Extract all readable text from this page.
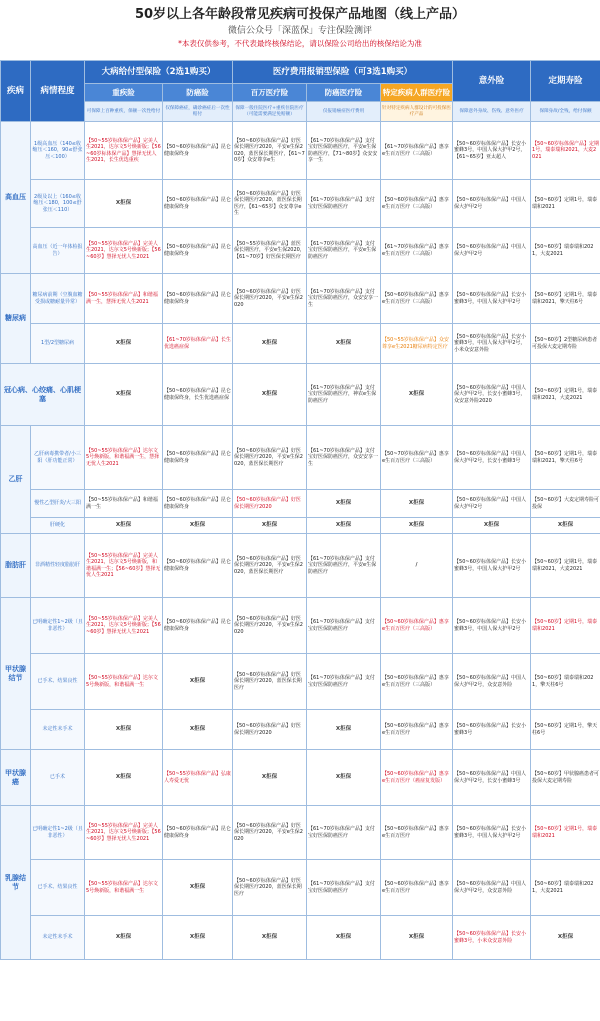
50岁以上各年龄段常见疾病可投保产品地图（线上产品）
微信公众号「深蓝保」专注保险测评
*本表仅供参考，不代表最终核保结论，请以保险公司给出的核保结论为准
疾病	病情程度	大病给付型保险（2选1购买）		医疗费用报销型保险（可3选1购买）			意外险	定期寿险
		重疾险	防癌险	百万医疗险	防癌医疗险	特定疾病人群医疗险		
		可保障上百种重疾，保额一次性给付	仅保障癌症，确诊癌症后一次性赔付	保障一般住院医疗+重疾住院医疗（可能需要满足免赔额）	仅报销癌症医疗费用	针对特定疾病人群设计的可投保医疗产品	保障意外身故、伤残、意外医疗	保障身故/全残，给付保额
高血压	1级高血压（140≤收缩压＜160，90≤舒张压＜100）	【50~55岁标体保产品】完美人生2021，达尔文5号焕新版；【56~60岁标体保产品】慧择无忧人生2021，长生优选重疾	【50~60岁标体保产品】昆仑健康保终身	【50~60岁标体保产品】好医保长期医疗2020，平安e生保2020，蓝医保长期医疗，【61~70岁】众安尊享e生	【61~70岁标体保产品】支付宝好医保防癌医疗，平安e生保防癌医疗，【71~80岁】众安安享一生	【61~70岁标体保产品】惠享e生百万医疗（三高版）	【50~60岁标体保产品】长安小蜜蜂3号，中国人保大护甲2号，【61~65岁】亚太超人	【50~60岁标体保产品】定期1号，瑞泰瑞和2021，大麦2021
	2级及以上（160≤收缩压＜180，100≤舒张压＜110）	X拒保	【50~60岁标体保产品】昆仑健康保终身	【50~60岁标体保产品】好医保长期医疗2020，蓝医保长期医疗，【61~65岁】众安尊享e生	【61~70岁标体保产品】支付宝好医保防癌医疗	【50~60岁标体保产品】惠享e生百万医疗（三高版）	【50~60岁标体保产品】中国人保大护甲2号	【50~60岁】定期1号，瑞泰瑞和2021
	高血压（近一年体检报告）	【50~55岁标体保产品】完美人生2021，达尔文5号焕新版；【56~60岁】慧择无忧人生2021	【50~60岁标体保产品】昆仑健康保终身	【50~55岁标体保产品】蓝医保长期医疗，平安e生保2020，【61~70岁】好医保长期医疗	【61~70岁标体保产品】支付宝好医保防癌医疗，平安e生保防癌医疗	【61~70岁标体保产品】惠享e生百万医疗（三高版）	【50~60岁标体保产品】中国人保大护甲2号	【50~60岁】瑞泰瑞和2021，大麦2021
糖尿病	糖尿病前期（空腹血糖受损或糖耐量异常）	【50~55岁标体保产品】和谐福满一生，慧择无忧人生2021	【50~60岁标体保产品】昆仑健康保终身	【50~60岁标体保产品】好医保长期医疗2020，平安e生保2020	【61~70岁标体保产品】支付宝好医保防癌医疗，众安安享一生	【50~60岁标体保产品】惠享e生百万医疗（三高版）	【50~60岁标体保产品】长安小蜜蜂3号，中国人保大护甲2号	【50~60岁】定期1号，瑞泰瑞和2021，擎天柱6号
	1型/2型糖尿病	X拒保	【61~70岁标体保产品】长生优选癌症保	X拒保	X拒保	【50~55岁标体保产品】众安尊享e生2021糖尿病特定医疗	【50~60岁标体保产品】长安小蜜蜂3号，中国人保大护甲2号，小米众安意外险	【50~60岁】2型糖尿病患者可投保大麦定期寿险
冠心病、心绞痛、心肌梗塞		X拒保	【50~60岁标体保产品】昆仑健康保终身，长生优选癌症保	X拒保	【61~70岁标体保产品】支付宝好医保防癌医疗，神农e生保防癌医疗	X拒保	【50~60岁标体保产品】中国人保大护甲2号，长安小蜜蜂3号，众安意外险2020	【50~60岁】定期1号，瑞泰瑞和2021，大麦2021
乙肝	乙肝病毒携带者/小三阳（肝功能正常）	【50~55岁标体保产品】达尔文5号焕新版，和谐福满一生，慧择无忧人生2021	【50~60岁标体保产品】昆仑健康保终身	【50~60岁标体保产品】好医保长期医疗2020，平安e生保2020，蓝医保长期医疗	【61~70岁标体保产品】支付宝好医保防癌医疗，众安安享一生	【50~70岁标体保产品】惠享e生百万医疗（三高版）	【50~60岁标体保产品】中国人保大护甲2号，长安小蜜蜂3号	【50~60岁】定期1号，瑞泰瑞和2021，擎天柱6号
	慢性乙型肝炎/大三阳	【50~55岁标体保产品】和谐福满一生	【50~60岁标体保产品】昆仑健康保终身	【50~60岁标体保产品】好医保长期医疗2020	X拒保	X拒保	【50~60岁标体保产品】中国人保大护甲2号	【50~60岁】大麦定期寿险可投保
	肝硬化	X拒保	X拒保	X拒保	X拒保	X拒保	X拒保	X拒保
脂肪肝	非酒精性轻度脂肪肝	【50~55岁标体保产品】完美人生2021，达尔文5号焕新版，和谐福满一生；【56~60岁】慧择无忧人生2021	【50~60岁标体保产品】昆仑健康保终身	【50~60岁标体保产品】好医保长期医疗2020，平安e生保2020，蓝医保长期医疗	【61~70岁标体保产品】支付宝好医保防癌医疗，平安e生保防癌医疗	/	【50~60岁标体保产品】长安小蜜蜂3号，中国人保大护甲2号	【50~60岁】定期1号，瑞泰瑞和2021，大麦2021
甲状腺结节	已明确定性1~2级（且非恶性）	【50~55岁标体保产品】完美人生2021，达尔文5号焕新版；【56~60岁】慧择无忧人生2021	【50~60岁标体保产品】昆仑健康保终身	【50~60岁标体保产品】好医保长期医疗2020，平安e生保2020	【61~70岁标体保产品】支付宝好医保防癌医疗	【50~60岁标体保产品】惠享e生百万医疗（三高版）	【50~60岁标体保产品】长安小蜜蜂3号，中国人保大护甲2号	【50~60岁】定期1号，瑞泰瑞和2021
	已手术、结果良性	【50~55岁标体保产品】达尔文5号焕新版，和谐福满一生	X拒保	【50~60岁标体保产品】好医保长期医疗2020，蓝医保长期医疗	【61~70岁标体保产品】支付宝好医保防癌医疗	【50~60岁标体保产品】惠享e生百万医疗（三高版）	【50~60岁标体保产品】中国人保大护甲2号，众安意外险	【50~60岁】瑞泰瑞和2021，擎天柱6号
	未定性未手术	X拒保	X拒保	【50~60岁标体保产品】好医保长期医疗2020	X拒保	【50~60岁标体保产品】惠享e生百万医疗	【50~60岁标体保产品】长安小蜜蜂3号	【50~60岁】定期1号，擎天柱6号
甲状腺癌	已手术	X拒保	【50~55岁标体保产品】弘康人寿爱无忧	X拒保	X拒保	【50~60岁标体保产品】惠享e生百万医疗（癌症复发版）	【50~60岁标体保产品】中国人保大护甲2号，长安小蜜蜂3号	【50~60岁】甲状腺癌患者可投保大麦定期寿险
乳腺结节	已明确定性1~2级（且非恶性）	【50~55岁标体保产品】完美人生2021，达尔文5号焕新版；【56~60岁】慧择无忧人生2021	【50~60岁标体保产品】昆仑健康保终身	【50~60岁标体保产品】好医保长期医疗2020，平安e生保2020	【61~70岁标体保产品】支付宝好医保防癌医疗	【50~60岁标体保产品】惠享e生百万医疗	【50~60岁标体保产品】长安小蜜蜂3号，中国人保大护甲2号	【50~60岁】定期1号，瑞泰瑞和2021
	已手术、结果良性	【50~55岁标体保产品】达尔文5号焕新版，和谐福满一生	X拒保	【50~60岁标体保产品】好医保长期医疗2020，蓝医保长期医疗	【61~70岁标体保产品】支付宝好医保防癌医疗	【50~60岁标体保产品】惠享e生百万医疗	【50~60岁标体保产品】中国人保大护甲2号，众安意外险	【50~60岁】瑞泰瑞和2021，大麦2021
	未定性未手术	X拒保	X拒保	X拒保	X拒保	X拒保	【50~60岁标体保产品】长安小蜜蜂3号，小米众安意外险	X拒保
